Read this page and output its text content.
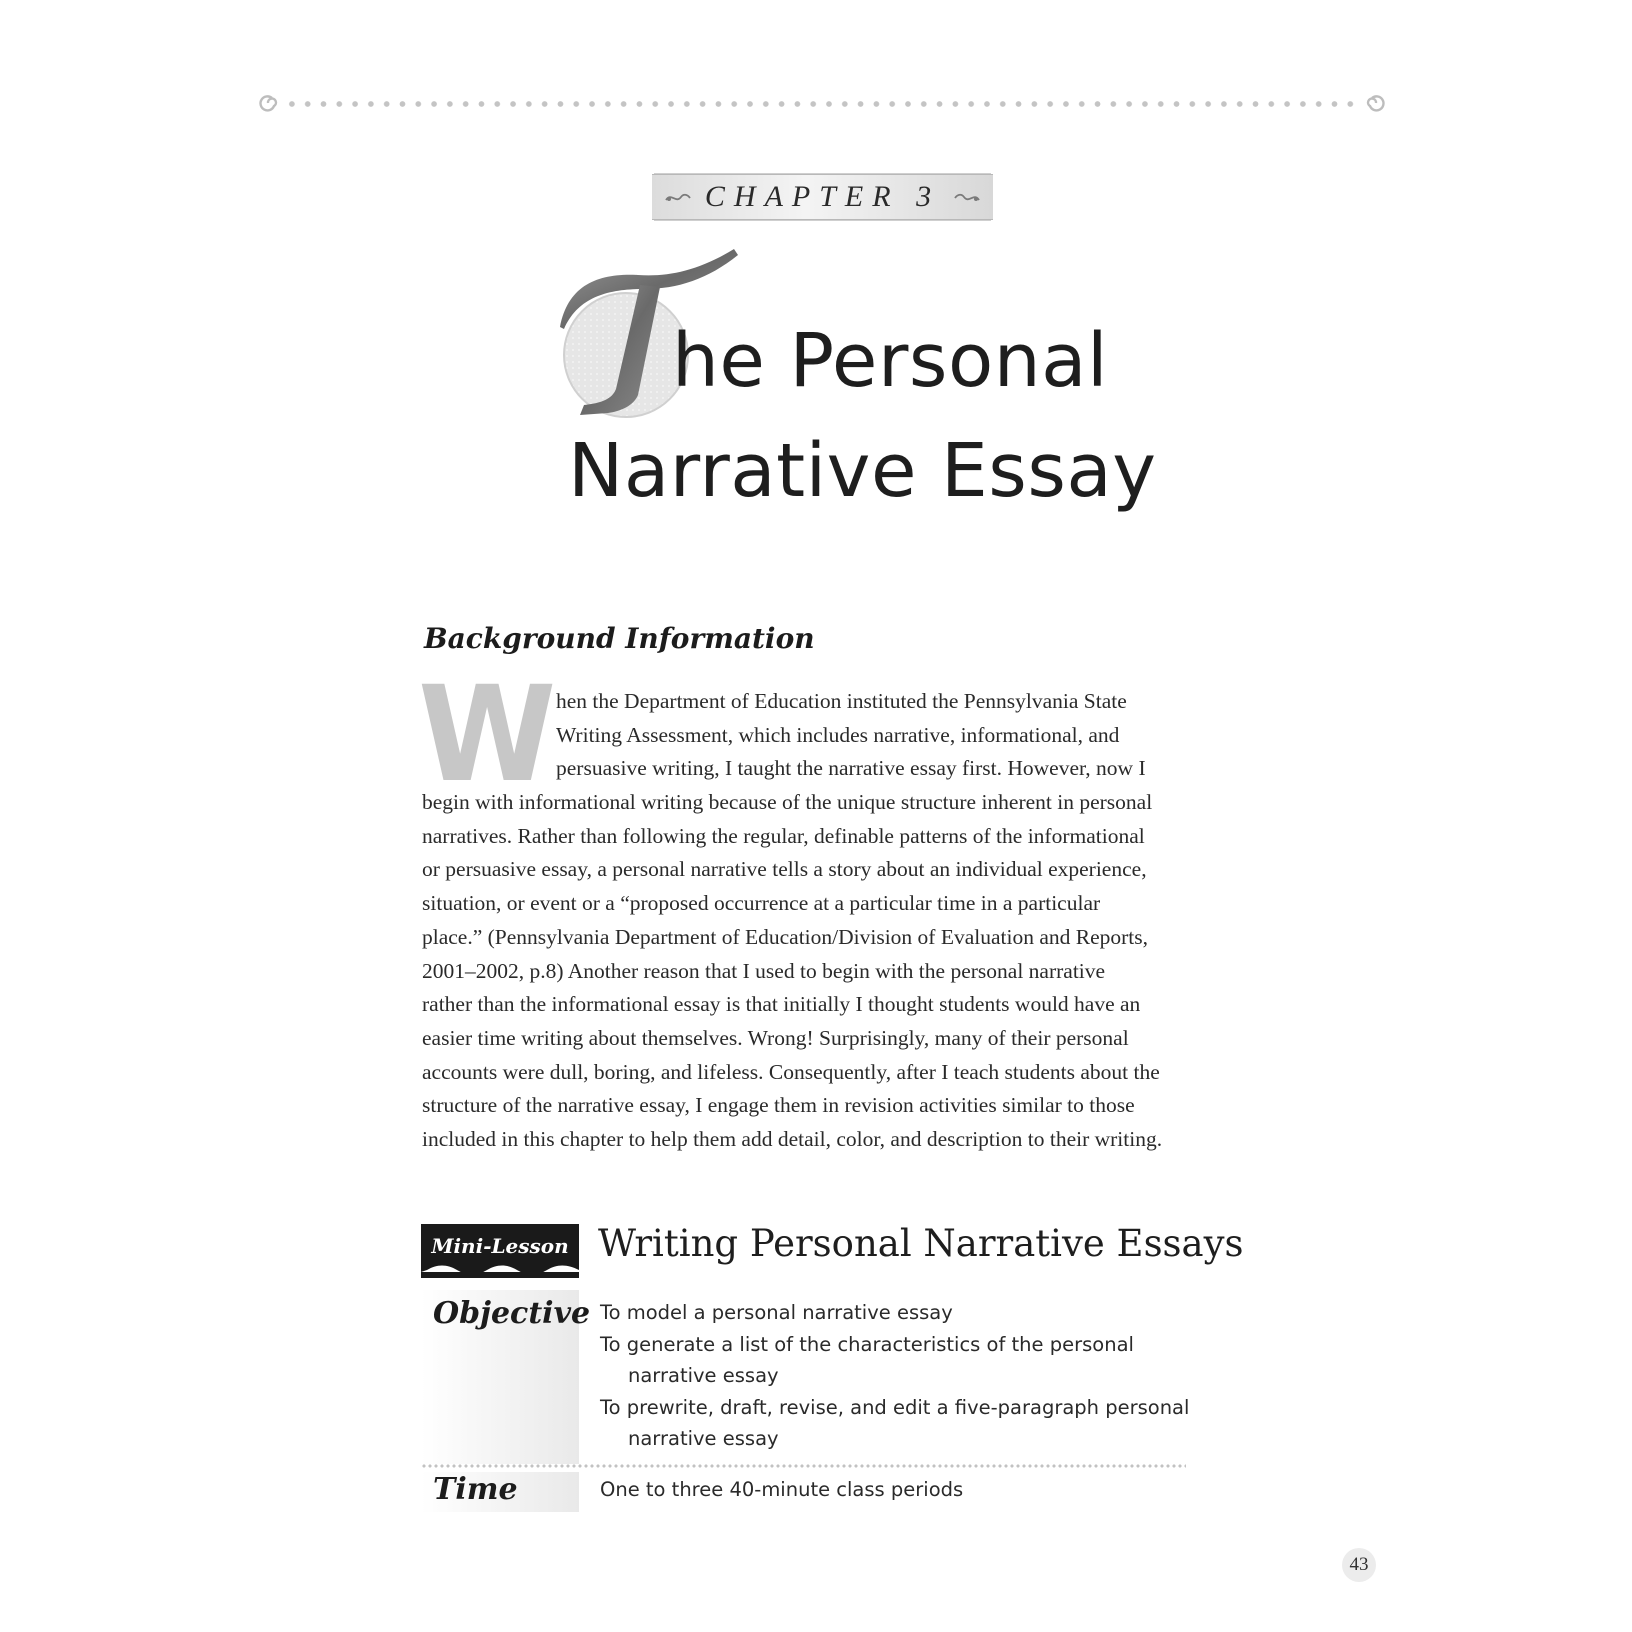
CHAPTER 3
he Personal
Narrative Essay
Background Information
W hen the Department of Education instituted the Pennsylvania State
Writing Assessment, which includes narrative, informational, and
persuasive writing, I taught the narrative essay first. However, now I
begin with informational writing because of the unique structure inherent in personal
narratives. Rather than following the regular, definable patterns of the informational
or persuasive essay, a personal narrative tells a story about an individual experience,
situation, or event or a “proposed occurrence at a particular time in a particular
place.” (Pennsylvania Department of Education/Division of Evaluation and Reports,
2001–2002, p.8) Another reason that I used to begin with the personal narrative
rather than the informational essay is that initially I thought students would have an
easier time writing about themselves. Wrong! Surprisingly, many of their personal
accounts were dull, boring, and lifeless. Consequently, after I teach students about the
structure of the narrative essay, I engage them in revision activities similar to those
included in this chapter to help them add detail, color, and description to their writing.
Mini-Lesson Writing Personal Narrative Essays
Objective To model a personal narrative essay
To generate a list of the characteristics of the personal
narrative essay
To prewrite, draft, revise, and edit a five-paragraph personal
narrative essay
Time	One to three 40-minute class periods
43
